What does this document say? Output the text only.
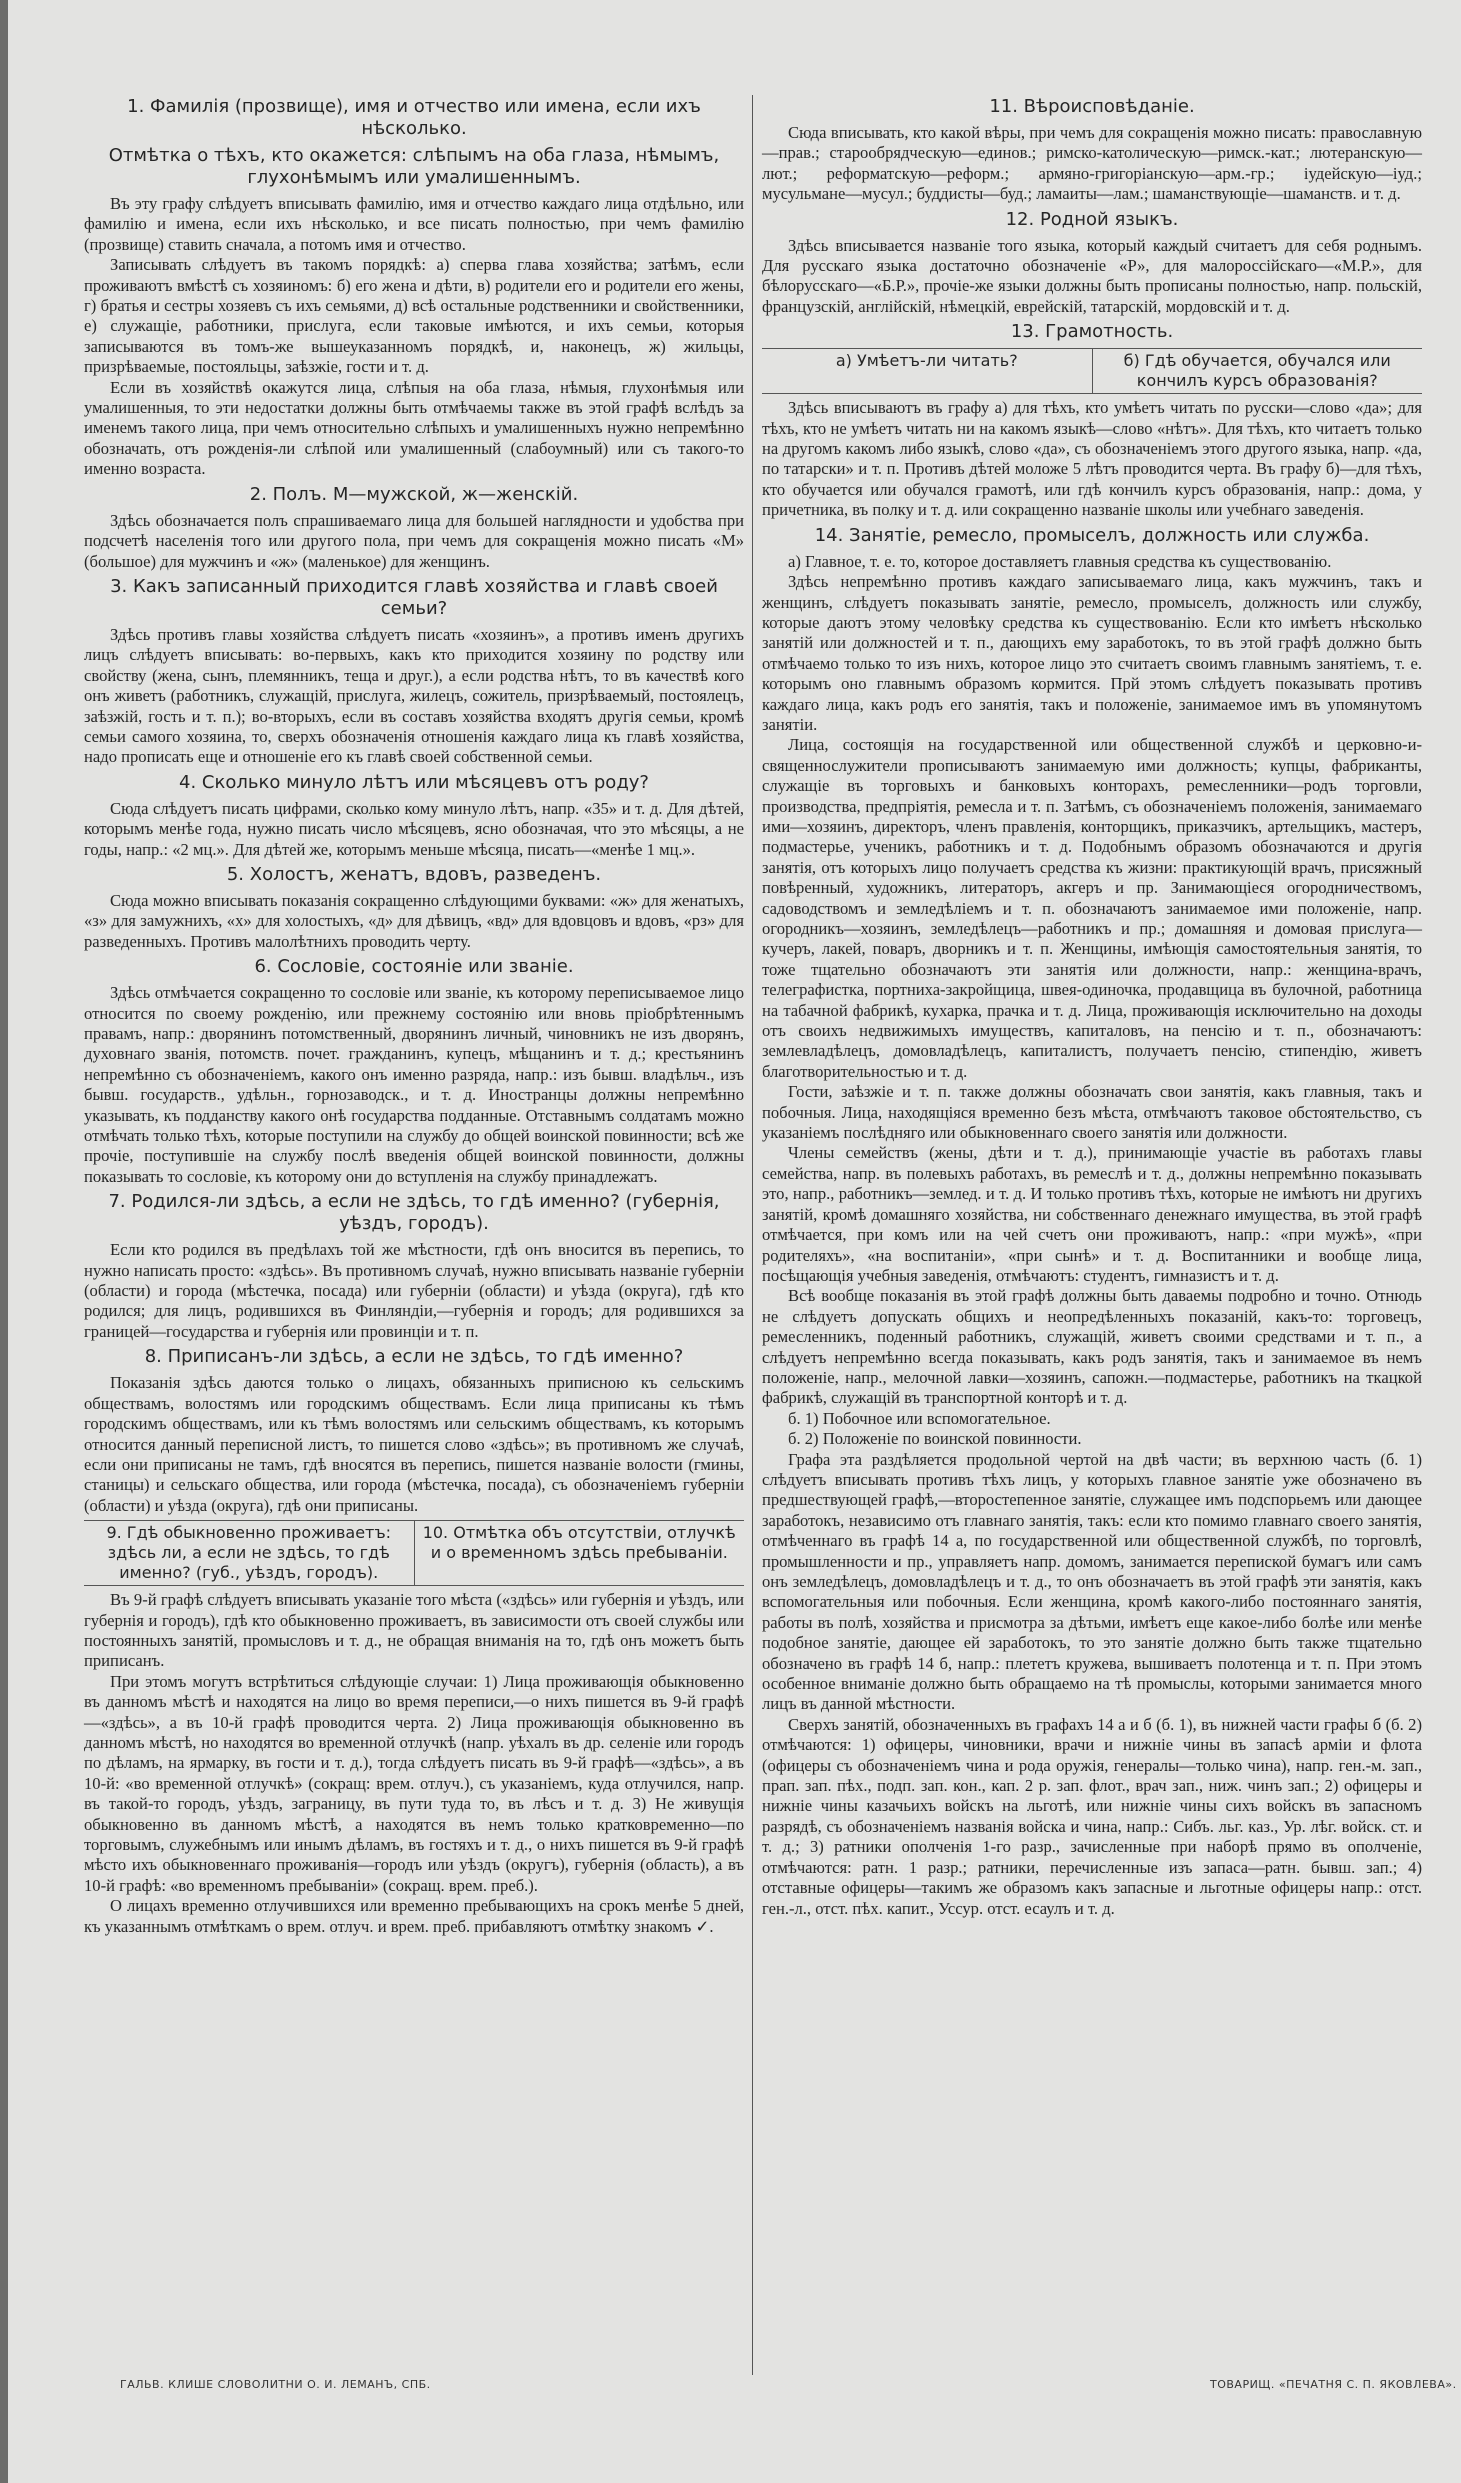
1. Фамилія (прозвище), имя и отчество или имена, если ихъ нѣсколько.
Отмѣтка о тѣхъ, кто окажется: слѣпымъ на оба глаза, нѣмымъ, глухонѣмымъ или умалишеннымъ.

Въ эту графу слѣдуетъ вписывать фамилію, имя и отчество каждаго лица отдѣльно, или фамилію и имена, если ихъ нѣсколько, и все писать полностью, при чемъ фамилію (прозвище) ставить сначала, а потомъ имя и отчество.

Записывать слѣдуетъ въ такомъ порядкѣ: а) сперва глава хозяйства; затѣмъ, если проживаютъ вмѣстѣ съ хозяиномъ: б) его жена и дѣти, в) родители его и родители его жены, г) братья и сестры хозяевъ съ ихъ семьями, д) всѣ остальные родственники и свойственники, е) служащіе, работники, прислуга, если таковые имѣются, и ихъ семьи, которыя записываются въ томъ-же вышеуказанномъ порядкѣ, и, наконецъ, ж) жильцы, призрѣваемые, постояльцы, заѣзжіе, гости и т. д.

Если въ хозяйствѣ окажутся лица, слѣпыя на оба глаза, нѣмыя, глухонѣмыя или умалишенныя, то эти недостатки должны быть отмѣчаемы также въ этой графѣ вслѣдъ за именемъ такого лица, при чемъ относительно слѣпыхъ и умалишенныхъ нужно непремѣнно обозначать, отъ рожденія-ли слѣпой или умалишенный (слабоумный) или съ такого-то именно возраста.

2. Полъ. М—мужской, ж—женскій.

Здѣсь обозначается полъ спрашиваемаго лица для большей наглядности и удобства при подсчетѣ населенія того или другого пола, при чемъ для сокращенія можно писать «М» (большое) для мужчинъ и «ж» (маленькое) для женщинъ.

3. Какъ записанный приходится главѣ хозяйства и главѣ своей семьи?

Здѣсь противъ главы хозяйства слѣдуетъ писать «хозяинъ», а противъ именъ другихъ лицъ слѣдуетъ вписывать: во-первыхъ, какъ кто приходится хозяину по родству или свойству (жена, сынъ, племянникъ, теща и друг.), а если родства нѣтъ, то въ качествѣ кого онъ живетъ (работникъ, служащій, прислуга, жилецъ, сожитель, призрѣваемый, постоялецъ, заѣзжій, гость и т. п.); во-вторыхъ, если въ составъ хозяйства входятъ другія семьи, кромѣ семьи самого хозяина, то, сверхъ обозначенія отношенія каждаго лица къ главѣ хозяйства, надо прописать еще и отношеніе его къ главѣ своей собственной семьи.

4. Сколько минуло лѣтъ или мѣсяцевъ отъ роду?

Сюда слѣдуетъ писать цифрами, сколько кому минуло лѣтъ, напр. «35» и т. д. Для дѣтей, которымъ менѣе года, нужно писать число мѣсяцевъ, ясно обозначая, что это мѣсяцы, а не годы, напр.: «2 мц.». Для дѣтей же, которымъ меньше мѣсяца, писать—«менѣе 1 мц.».

5. Холостъ, женатъ, вдовъ, разведенъ.

Сюда можно вписывать показанія сокращенно слѣдующими буквами: «ж» для женатыхъ, «з» для замужнихъ, «х» для холостыхъ, «д» для дѣвицъ, «вд» для вдовцовъ и вдовъ, «рз» для разведенныхъ. Противъ малолѣтнихъ проводить черту.

6. Сословіе, состояніе или званіе.

Здѣсь отмѣчается сокращенно то сословіе или званіе, къ которому переписываемое лицо относится по своему рожденію, или прежнему состоянію или вновь пріобрѣтеннымъ правамъ, напр.: дворянинъ потомственный, дворянинъ личный, чиновникъ не изъ дворянъ, духовнаго званія, потомств. почет. гражданинъ, купецъ, мѣщанинъ и т. д.; крестьянинъ непремѣнно съ обозначеніемъ, какого онъ именно разряда, напр.: изъ бывш. владѣльч., изъ бывш. государств., удѣльн., горнозаводск., и т. д. Иностранцы должны непремѣнно указывать, къ подданству какого онѣ государства подданные. Отставнымъ солдатамъ можно отмѣчать только тѣхъ, которые поступили на службу до общей воинской повинности; всѣ же прочіе, поступившіе на службу послѣ введенія общей воинской повинности, должны показывать то сословіе, къ которому они до вступленія на службу принадлежатъ.

7. Родился-ли здѣсь, а если не здѣсь, то гдѣ именно? (губернія, уѣздъ, городъ).

Если кто родился въ предѣлахъ той же мѣстности, гдѣ онъ вносится въ перепись, то нужно написать просто: «здѣсь». Въ противномъ случаѣ, нужно вписывать названіе губерніи (области) и города (мѣстечка, посада) или губерніи (области) и уѣзда (округа), гдѣ кто родился; для лицъ, родившихся въ Финляндіи,—губернія и городъ; для родившихся за границей—государства и губернія или провинціи и т. п.

8. Приписанъ-ли здѣсь, а если не здѣсь, то гдѣ именно?

Показанія здѣсь даются только о лицахъ, обязанныхъ приписною къ сельскимъ обществамъ, волостямъ или городскимъ обществамъ. Если лица приписаны къ тѣмъ городскимъ обществамъ, или къ тѣмъ волостямъ или сельскимъ обществамъ, къ которымъ относится данный переписной листъ, то пишется слово «здѣсь»; въ противномъ же случаѣ, если они приписаны не тамъ, гдѣ вносятся въ перепись, пишется названіе волости (гмины, станицы) и сельскаго общества, или города (мѣстечка, посада), съ обозначеніемъ губерніи (области) и уѣзда (округа), гдѣ они приписаны.

9. Гдѣ обыкновенно проживаетъ: здѣсь ли, а если не здѣсь, то гдѣ именно? (губ., уѣздъ, городъ).
10. Отмѣтка объ отсутствіи, отлучкѣ и о временномъ здѣсь пребываніи.

Въ 9-й графѣ слѣдуетъ вписывать указаніе того мѣста («здѣсь» или губернія и уѣздъ, или губернія и городъ), гдѣ кто обыкновенно проживаетъ, въ зависимости отъ своей службы или постоянныхъ занятій, промысловъ и т. д., не обращая вниманія на то, гдѣ онъ можетъ быть приписанъ.

При этомъ могутъ встрѣтиться слѣдующіе случаи: 1) Лица проживающія обыкновенно въ данномъ мѣстѣ и находятся на лицо во время переписи,—о нихъ пишется въ 9-й графѣ—«здѣсь», а въ 10-й графѣ проводится черта. 2) Лица проживающія обыкновенно въ данномъ мѣстѣ, но находятся во временной отлучкѣ (напр. уѣхалъ въ др. селеніе или городъ по дѣламъ, на ярмарку, въ гости и т. д.), тогда слѣдуетъ писать въ 9-й графѣ—«здѣсь», а въ 10-й: «во временной отлучкѣ» (сокращ: врем. отлуч.), съ указаніемъ, куда отлучился, напр. въ такой-то городъ, уѣздъ, заграницу, въ пути туда то, въ лѣсъ и т. д. 3) Не живущія обыкновенно въ данномъ мѣстѣ, а находятся въ немъ только кратковременно—по торговымъ, служебнымъ или инымъ дѣламъ, въ гостяхъ и т. д., о нихъ пишется въ 9-й графѣ мѣсто ихъ обыкновеннаго проживанія—городъ или уѣздъ (округъ), губернія (область), а въ 10-й графѣ: «во временномъ пребываніи» (сокращ. врем. преб.).

О лицахъ временно отлучившихся или временно пребывающихъ на срокъ менѣе 5 дней, къ указаннымъ отмѣткамъ о врем. отлуч. и врем. преб. прибавляютъ отмѣтку знакомъ ✓.

11. Вѣроисповѣданіе.

Сюда вписывать, кто какой вѣры, при чемъ для сокращенія можно писать: православную—прав.; старообрядческую—единов.; римско-католическую—римск.-кат.; лютеранскую—лют.; реформатскую—реформ.; армяно-григоріанскую—арм.-гр.; іудейскую—іуд.; мусульмане—мусул.; буддисты—буд.; ламаиты—лам.; шаманствующіе—шаманств. и т. д.

12. Родной языкъ.

Здѣсь вписывается названіе того языка, который каждый считаетъ для себя роднымъ. Для русскаго языка достаточно обозначеніе «Р», для малороссійскаго—«М.Р.», для бѣлорусскаго—«Б.Р.», прочіе-же языки должны быть прописаны полностью, напр. польскій, французскій, англійскій, нѣмецкій, еврейскій, татарскій, мордовскій и т. д.

13. Грамотность.
а) Умѣетъ-ли читать?	б) Гдѣ обучается, обучался или кончилъ курсъ образованія?

Здѣсь вписываютъ въ графу а) для тѣхъ, кто умѣетъ читать по русски—слово «да»; для тѣхъ, кто не умѣетъ читать ни на какомъ языкѣ—слово «нѣтъ». Для тѣхъ, кто читаетъ только на другомъ какомъ либо языкѣ, слово «да», съ обозначеніемъ этого другого языка, напр. «да, по татарски» и т. п. Противъ дѣтей моложе 5 лѣтъ проводится черта. Въ графу б)—для тѣхъ, кто обучается или обучался грамотѣ, или гдѣ кончилъ курсъ образованія, напр.: дома, у причетника, въ полку и т. д. или сокращенно названіе школы или учебнаго заведенія.

14. Занятіе, ремесло, промыселъ, должность или служба.

а) Главное, т. е. то, которое доставляетъ главныя средства къ существованію.

Здѣсь непремѣнно противъ каждаго записываемаго лица, какъ мужчинъ, такъ и женщинъ, слѣдуетъ показывать занятіе, ремесло, промыселъ, должность или службу, которые даютъ этому человѣку средства къ существованію. Если кто имѣетъ нѣсколько занятій или должностей и т. п., дающихъ ему заработокъ, то въ этой графѣ должно быть отмѣчаемо только то изъ нихъ, которое лицо это считаетъ своимъ главнымъ занятіемъ, т. е. которымъ оно главнымъ образомъ кормится. Прй этомъ слѣдуетъ показывать противъ каждаго лица, какъ родъ его занятія, такъ и положеніе, занимаемое имъ въ упомянутомъ занятіи.

Лица, состоящія на государственной или общественной службѣ и церковно-и-священнослужители прописываютъ занимаемую ими должность; купцы, фабриканты, служащіе въ торговыхъ и банковыхъ конторахъ, ремесленники—родъ торговли, производства, предпріятія, ремесла и т. п. Затѣмъ, съ обозначеніемъ положенія, занимаемаго ими—хозяинъ, директоръ, членъ правленія, конторщикъ, приказчикъ, артельщикъ, мастеръ, подмастерье, ученикъ, работникъ и т. д. Подобнымъ образомъ обозначаются и другія занятія, отъ которыхъ лицо получаетъ средства къ жизни: практикующій врачъ, присяжный повѣренный, художникъ, литераторъ, акгеръ и пр. Занимающіеся огородничествомъ, садоводствомъ и земледѣліемъ и т. п. обозначаютъ занимаемое ими положеніе, напр. огородникъ—хозяинъ, земледѣлецъ—работникъ и пр.; домашняя и домовая прислуга—кучеръ, лакей, поваръ, дворникъ и т. п. Женщины, имѣющія самостоятельныя занятія, то тоже тщательно обозначаютъ эти занятія или должности, напр.: женщина-врачъ, телеграфистка, портниха-закройщица, швея-одиночка, продавщица въ булочной, работница на табачной фабрикѣ, кухарка, прачка и т. д. Лица, проживающія исключительно на доходы отъ своихъ недвижимыхъ имуществъ, капиталовъ, на пенсію и т. п., обозначаютъ: землевладѣлецъ, домовладѣлецъ, капиталистъ, получаетъ пенсію, стипендію, живетъ благотворительностью и т. д.

Гости, заѣзжіе и т. п. также должны обозначать свои занятія, какъ главныя, такъ и побочныя. Лица, находящіяся временно безъ мѣста, отмѣчаютъ таковое обстоятельство, съ указаніемъ послѣдняго или обыкновеннаго своего занятія или должности.

Члены семействъ (жены, дѣти и т. д.), принимающіе участіе въ работахъ главы семейства, напр. въ полевыхъ работахъ, въ ремеслѣ и т. д., должны непремѣнно показывать это, напр., работникъ—землед. и т. д. И только противъ тѣхъ, которые не имѣютъ ни другихъ занятій, кромѣ домашняго хозяйства, ни собственнаго денежнаго имущества, въ этой графѣ отмѣчается, при комъ или на чей счетъ они проживаютъ, напр.: «при мужѣ», «при родителяхъ», «на воспитаніи», «при сынѣ» и т. д. Воспитанники и вообще лица, посѣщающія учебныя заведенія, отмѣчаютъ: студентъ, гимназистъ и т. д.

Всѣ вообще показанія въ этой графѣ должны быть даваемы подробно и точно. Отнюдь не слѣдуетъ допускать общихъ и неопредѣленныхъ показаній, какъ-то: торговецъ, ремесленникъ, поденный работникъ, служащій, живетъ своими средствами и т. п., а слѣдуетъ непремѣнно всегда показывать, какъ родъ занятія, такъ и занимаемое въ немъ положеніе, напр., мелочной лавки—хозяинъ, сапожн.—подмастерье, работникъ на ткацкой фабрикѣ, служащій въ транспортной конторѣ и т. д.

б. 1) Побочное или вспомогательное.

б. 2) Положеніе по воинской повинности.

Графа эта раздѣляется продольной чертой на двѣ части; въ верхнюю часть (б. 1) слѣдуетъ вписывать противъ тѣхъ лицъ, у которыхъ главное занятіе уже обозначено въ предшествующей графѣ,—второстепенное занятіе, служащее имъ подспорьемъ или дающее заработокъ, независимо отъ главнаго занятія, такъ: если кто помимо главнаго своего занятія, отмѣченнаго въ графѣ 14 а, по государственной или общественной службѣ, по торговлѣ, промышленности и пр., управляетъ напр. домомъ, занимается перепиской бумагъ или самъ онъ земледѣлецъ, домовладѣлецъ и т. д., то онъ обозначаетъ въ этой графѣ эти занятія, какъ вспомогательныя или побочныя. Если женщина, кромѣ какого-либо постояннаго занятія, работы въ полѣ, хозяйства и присмотра за дѣтьми, имѣетъ еще какое-либо болѣе или менѣе подобное занятіе, дающее ей заработокъ, то это занятіе должно быть также тщательно обозначено въ графѣ 14 б, напр.: плететъ кружева, вышиваетъ полотенца и т. п. При этомъ особенное вниманіе должно быть обращаемо на тѣ промыслы, которыми занимается много лицъ въ данной мѣстности.

Сверхъ занятій, обозначенныхъ въ графахъ 14 а и б (б. 1), въ нижней части графы б (б. 2) отмѣчаются: 1) офицеры, чиновники, врачи и нижніе чины въ запасѣ арміи и флота (офицеры съ обозначеніемъ чина и рода оружія, генералы—только чина), напр. ген.-м. зап., прап. зап. пѣх., подп. зап. кон., кап. 2 р. зап. флот., врач зап., ниж. чинъ зап.; 2) офицеры и нижніе чины казачьихъ войскъ на льготѣ, или нижніе чины сихъ войскъ въ запасномъ разрядѣ, съ обозначеніемъ названія войска и чина, напр.: Сибъ. льг. каз., Ур. лѣг. войск. ст. и т. д.; 3) ратники ополченія 1-го разр., зачисленные при наборѣ прямо въ ополченіе, отмѣчаются: ратн. 1 разр.; ратники, перечисленные изъ запаса—ратн. бывш. зап.; 4) отставные офицеры—такимъ же образомъ какъ запасные и льготные офицеры напр.: отст. ген.-л., отст. пѣх. капит., Уссур. отст. есаулъ и т. д.

ГАЛЬВ. КЛИШЕ СЛОВОЛИТНИ О. И. ЛЕМАНЪ, СПБ.	ТОВАРИЩ. «ПЕЧАТНЯ С. П. ЯКОВЛЕВА».
